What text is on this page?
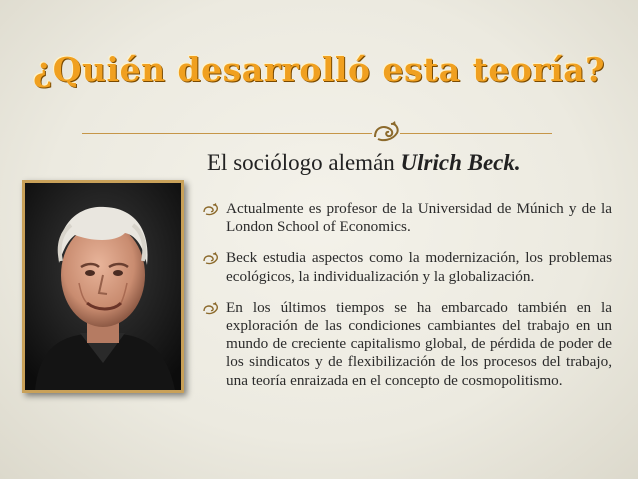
¿Quién desarrolló esta teoría?

El sociólogo alemán Ulrich Beck.

Actualmente es profesor de la Universidad de Múnich y de la London School of Economics.
Beck estudia aspectos como la modernización, los problemas ecológicos, la individualización y la globalización.
En los últimos tiempos se ha embarcado también en la exploración de las condiciones cambiantes del trabajo en un mundo de creciente capitalismo global, de pérdida de poder de los sindicatos y de flexibilización de los procesos del trabajo, una teoría enraizada en el concepto de cosmopolitismo.
